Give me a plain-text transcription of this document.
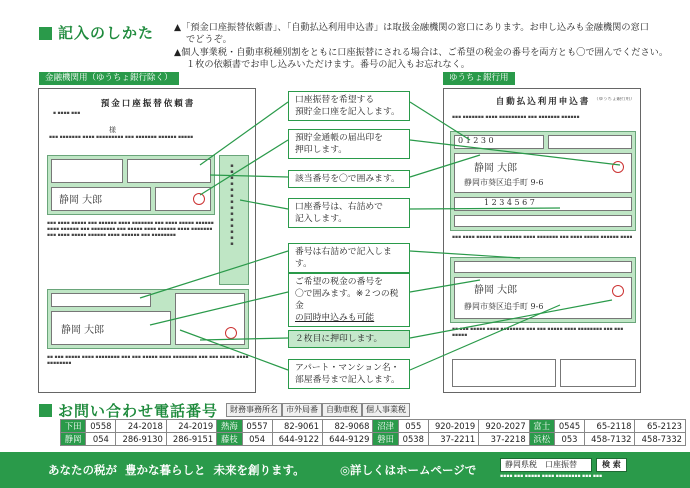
記入のしかた ▲「預金口座振替依頼書」、「自動払込利用申込書」は取扱金融機関の窓口にあります。お申し込みも金融機関の窓口
でどうぞ。
▲個人事業税・自動車税種別割をともに口座振替にされる場合は、ご希望の税金の番号を両方とも〇で囲んでください。
１枚の依頼書でお申し込みいただけます。番号の記入もお忘れなく。
金融機関用（ゆうちょ銀行除く）	ゆうちょ銀行用
預金口座振替依頼書
▪ ▪▪▪▪ ▪▪▪
様
▪▪▪ ▪▪▪▪▪▪▪ ▪▪▪▪ ▪▪▪▪▪▪▪▪▪ ▪▪▪ ▪▪▪▪▪▪▪ ▪▪▪▪▪▪ ▪▪▪▪▪
静岡 大郎	▪▪▪▪▪▪▪▪▪▪▪▪▪▪
▪▪▪ ▪▪▪▪ ▪▪▪▪▪ ▪▪▪ ▪▪▪▪▪▪ ▪▪▪▪ ▪▪▪▪▪▪▪ ▪▪▪ ▪▪▪▪ ▪▪▪▪▪ ▪▪▪▪▪▪ ▪▪▪▪ ▪▪▪▪▪▪ ▪▪▪ ▪▪▪▪▪▪▪▪ ▪▪▪ ▪▪▪▪▪ ▪▪▪▪ ▪▪▪▪▪▪ ▪▪▪▪ ▪▪▪▪▪▪▪ ▪▪▪ ▪▪▪▪ ▪▪▪▪▪ ▪▪▪▪▪▪ ▪▪▪▪ ▪▪▪▪▪▪ ▪▪▪ ▪▪▪▪▪▪▪▪
静岡 大郎
▪▪ ▪▪▪ ▪▪▪▪▪ ▪▪▪▪ ▪▪▪▪▪▪▪▪ ▪▪▪ ▪▪▪ ▪▪▪▪▪ ▪▪▪▪ ▪▪▪▪▪▪▪▪ ▪▪▪ ▪▪▪ ▪▪▪▪▪ ▪▪▪▪ ▪▪▪▪▪▪▪▪
自動払込利用申込書 （ゆうちょ銀行用）
▪▪▪ ▪▪▪▪▪▪▪ ▪▪▪▪ ▪▪▪▪▪▪▪▪▪ ▪▪▪ ▪▪▪▪▪▪▪ ▪▪▪▪▪▪
0 1 2 3 0
静岡 大郎
静岡市葵区追手町 9-6
1 2 3 4 5 6 7
▪▪▪ ▪▪▪▪ ▪▪▪▪▪ ▪▪▪ ▪▪▪▪▪▪ ▪▪▪▪ ▪▪▪▪▪▪▪ ▪▪▪ ▪▪▪▪ ▪▪▪▪▪ ▪▪▪▪▪▪ ▪▪▪▪
静岡 大郎
静岡市葵区追手町 9-6
▪▪ ▪▪▪ ▪▪▪▪▪ ▪▪▪▪ ▪▪▪▪▪▪▪▪ ▪▪▪ ▪▪▪ ▪▪▪▪▪ ▪▪▪▪ ▪▪▪▪▪▪▪▪ ▪▪▪ ▪▪▪ ▪▪▪▪▪
口座振替を希望する
預貯金口座を記入します。
預貯金通帳の届出印を
押印します。
該当番号を〇で囲みます。
口座番号は、右詰めで
記入します。
番号は右詰めで記入します。
ご希望の税金の番号を
〇で囲みます。※２つの税金
の同時申込みも可能
２枚目に押印します。
アパート・マンション名・
部屋番号まで記入します。
お問い合わせ電話番号	財務事務所名	市外局番	自動車税	個人事業税
下田	0558	24-2018	24-2019	熱海	0557	82-9061	82-9068	沼津	055	920-2019	920-2027	富士	0545	65-2118	65-2123
静岡	054	286-9130	286-9151	藤枝	054	644-9122	644-9129	磐田	0538	37-2211	37-2218	浜松	053	458-7132	458-7332
あなたの税が 豊かな暮らしと 未来を創ります。	◎詳しくはホームページで	静岡県税　口座振替	検 索
▪▪▪▪ ▪▪▪ ▪▪▪▪▪ ▪▪▪▪ ▪▪▪▪▪▪▪▪ ▪▪▪ ▪▪▪
